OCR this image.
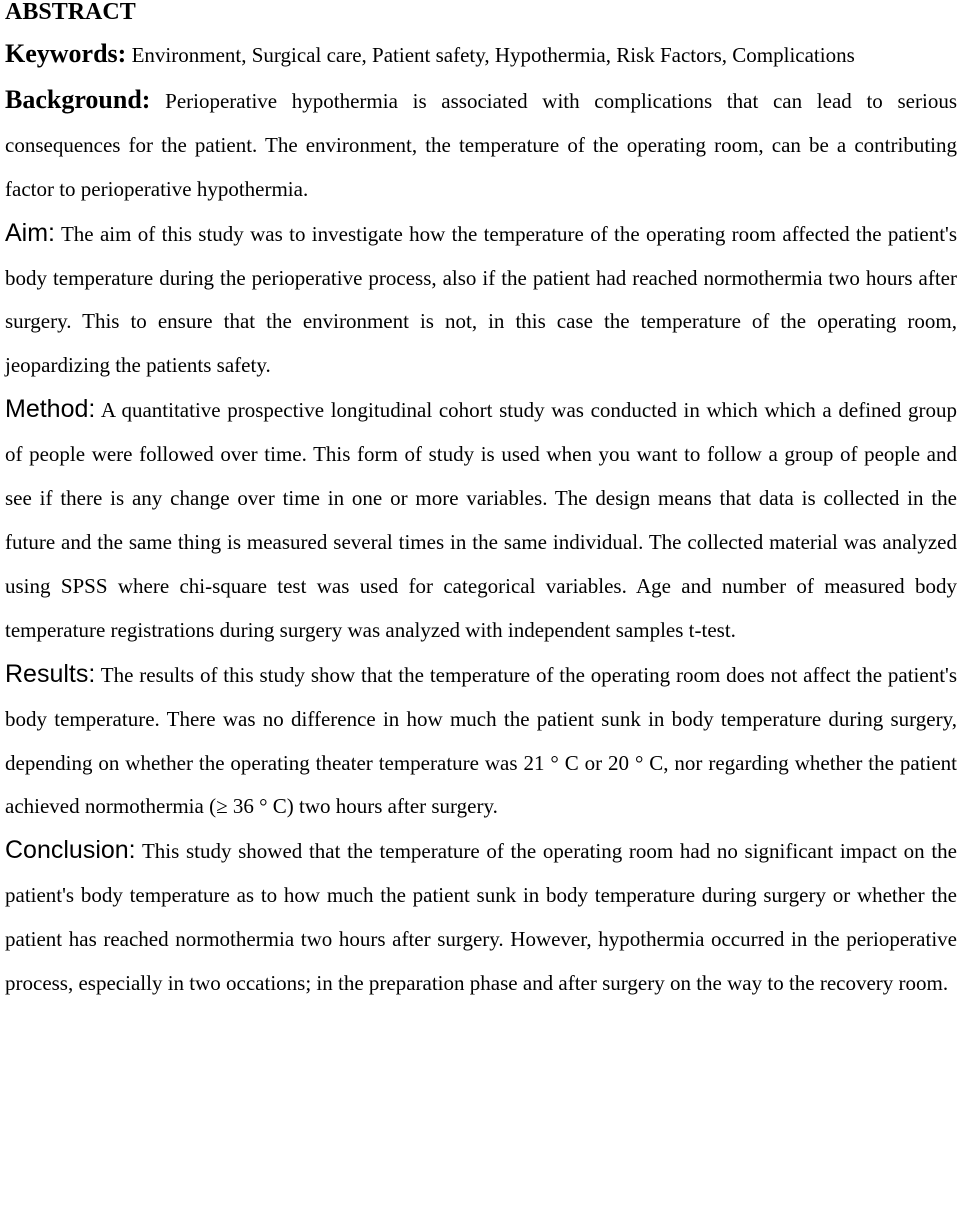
ABSTRACT

Keywords: Environment, Surgical care, Patient safety, Hypothermia, Risk Factors, Complications

Background: Perioperative hypothermia is associated with complications that can lead to serious consequences for the patient. The environment, the temperature of the operating room, can be a contributing factor to perioperative hypothermia.

Aim: The aim of this study was to investigate how the temperature of the operating room affected the patient's body temperature during the perioperative process, also if the patient had reached normothermia two hours after surgery. This to ensure that the environment is not, in this case the temperature of the operating room, jeopardizing the patients safety.

Method: A quantitative prospective longitudinal cohort study was conducted in which which a defined group of people were followed over time. This form of study is used when you want to follow a group of people and see if there is any change over time in one or more variables. The design means that data is collected in the future and the same thing is measured several times in the same individual. The collected material was analyzed using SPSS where chi-square test was used for categorical variables. Age and number of measured body temperature registrations during surgery was analyzed with independent samples t-test.

Results: The results of this study show that the temperature of the operating room does not affect the patient's body temperature. There was no difference in how much the patient sunk in body temperature during surgery, depending on whether the operating theater temperature was 21 ° C or 20 ° C, nor regarding whether the patient achieved normothermia (≥ 36 ° C) two hours after surgery.

Conclusion: This study showed that the temperature of the operating room had no significant impact on the patient's body temperature as to how much the patient sunk in body temperature during surgery or whether the patient has reached normothermia two hours after surgery. However, hypothermia occurred in the perioperative process, especially in two occations; in the preparation phase and after surgery on the way to the recovery room.
